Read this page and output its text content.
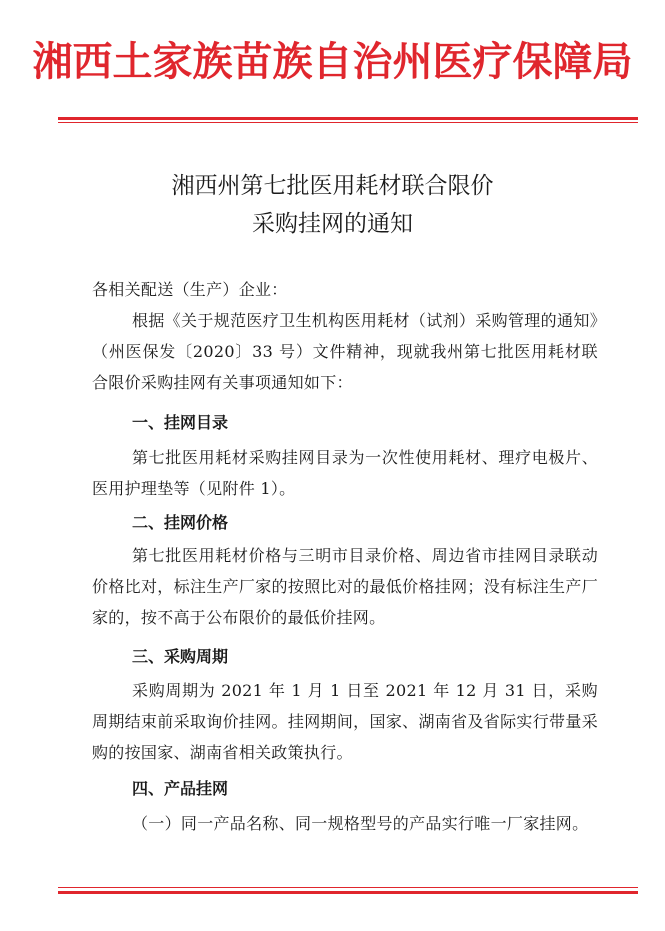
湘西土家族苗族自治州医疗保障局
湘西州第七批医用耗材联合限价
采购挂网的通知
各相关配送（生产）企业：
根据《关于规范医疗卫生机构医用耗材（试剂）采购管理的通知》（州医保发〔2020〕33 号）文件精神，现就我州第七批医用耗材联合限价采购挂网有关事项通知如下：
一、挂网目录
第七批医用耗材采购挂网目录为一次性使用耗材、理疗电极片、医用护理垫等（见附件 1）。
二、挂网价格
第七批医用耗材价格与三明市目录价格、周边省市挂网目录联动价格比对，标注生产厂家的按照比对的最低价格挂网；没有标注生产厂家的，按不高于公布限价的最低价挂网。
三、采购周期
采购周期为 2021 年 1 月 1 日至 2021 年 12 月 31 日，采购周期结束前采取询价挂网。挂网期间，国家、湖南省及省际实行带量采购的按国家、湖南省相关政策执行。
四、产品挂网
（一）同一产品名称、同一规格型号的产品实行唯一厂家挂网。
